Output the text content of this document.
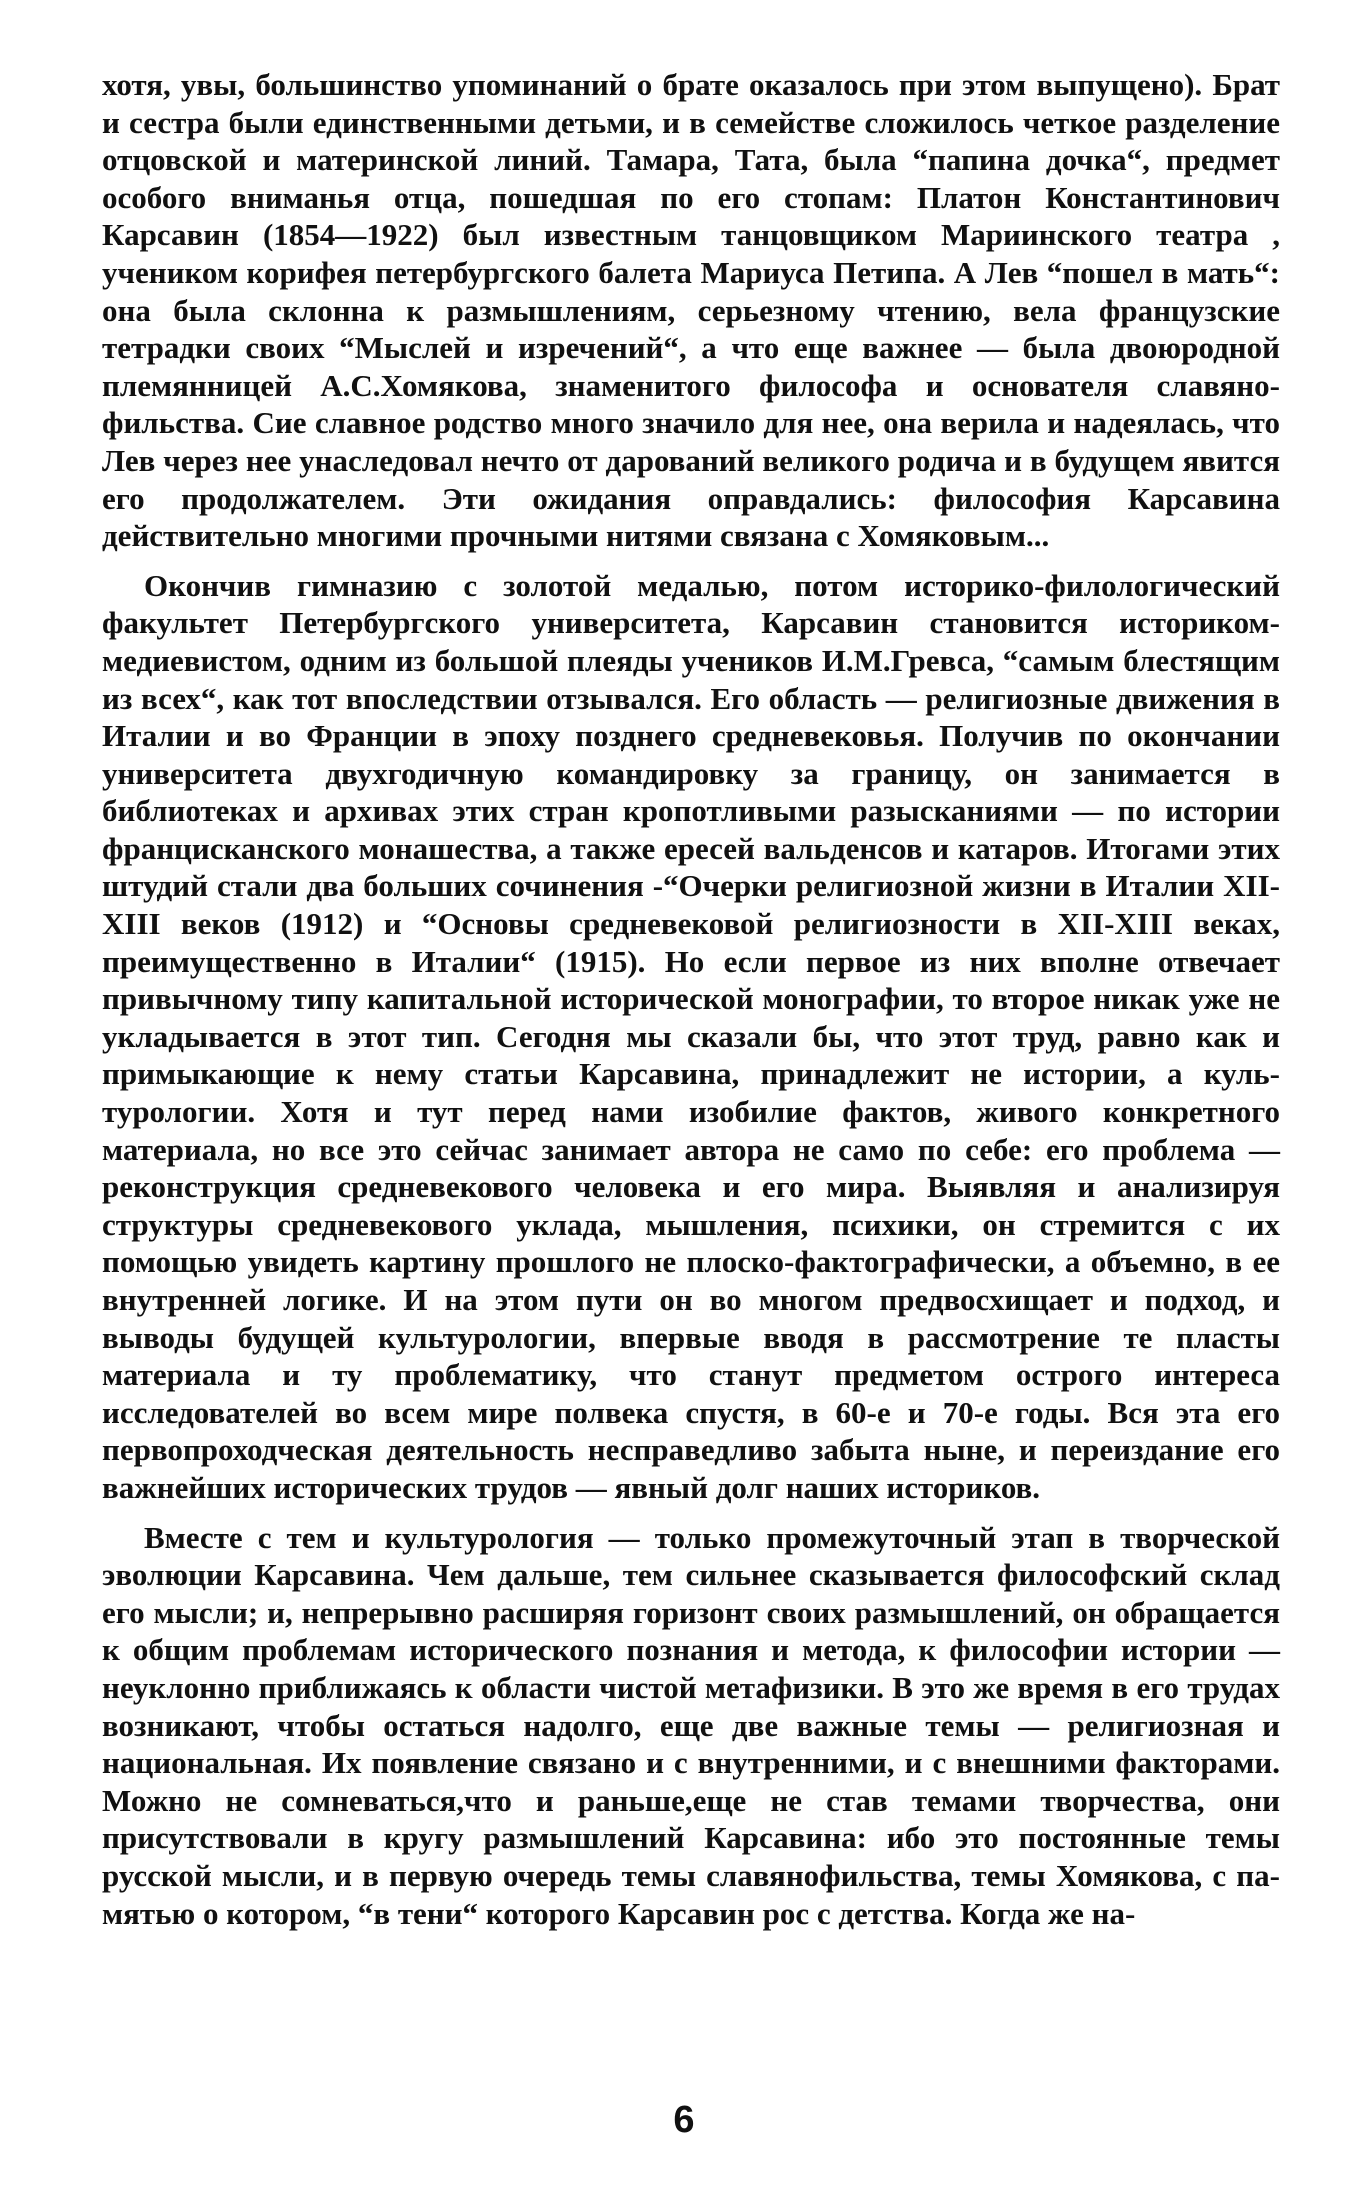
хотя, увы, большинство упоминаний о брате оказалось при этом выпущено). Брат и сестра были единственными детьми, и в семействе сложилось четкое разделение отцовской и материнской линий. Тамара, Тата, была “папина дочка“, предмет особого вниманья отца, пошедшая по его стопам: Платон Константинович Карсавин (1854—1922) был известным танцовщиком Мариинского театра , учеником корифея петербургского балета Мариуса Петипа. А Лев “пошел в мать“: она была склонна к размышлениям, серьезному чтению, вела французские тетрадки своих “Мыслей и изречений“, а что еще важнее — была двоюродной племянницей А.С.Хомякова, знаменитого философа и основателя славянофильства. Сие славное родство много значило для нее, она верила и надеялась, что Лев через нее унаследовал нечто от дарований великого родича и в будущем явится его продолжателем. Эти ожидания оправдались: философия Карсавина действительно многими прочными нитями связана с Хомяковым...

Окончив гимназию с золотой медалью, потом историко-филологический факультет Петербургского университета, Карсавин становится историком-медиевистом, одним из большой плеяды учеников И.М.Гревса, “самым блестящим из всех“, как тот впоследствии отзывался. Его область — религиозные движения в Италии и во Франции в эпоху позднего средневековья. Получив по окончании университета двухгодичную командировку за границу, он занимается в библиотеках и архивах этих стран кропотливыми разысканиями — по истории францисканского монашества, а также ересей вальденсов и катаров. Итогами этих штудий стали два больших сочинения -“Очерки религиозной жизни в Италии XII-XIII веков (1912) и “Основы средневековой религиозности в XII-XIII веках, преимущественно в Италии“ (1915). Но если первое из них вполне отвечает привычному типу капитальной исторической монографии, то второе никак уже не укладывается в этот тип. Сегодня мы сказали бы, что этот труд, равно как и примыкающие к нему статьи Карсавина, принадлежит не истории, а культурологии. Хотя и тут перед нами изобилие фактов, живого конкретного материала, но все это сейчас занимает автора не само по себе: его проблема — реконструкция средневекового человека и его мира. Выявляя и анализируя структуры средневекового уклада, мышления, психики, он стремится с их помощью увидеть картину прошлого не плоско-фактографически, а объемно, в ее внутренней логике. И на этом пути он во многом предвосхищает и подход, и выводы будущей культурологии, впервые вводя в рассмотрение те пласты материала и ту проблематику, что станут предметом острого интереса исследователей во всем мире полвека спустя, в 60-е и 70-е годы. Вся эта его первопроходческая деятельность несправедливо забыта ныне, и переиздание его важнейших исторических трудов — явный долг наших историков.

Вместе с тем и культурология — только промежуточный этап в творческой эволюции Карсавина. Чем дальше, тем сильнее сказывается философский склад его мысли; и, непрерывно расширяя горизонт своих размышлений, он обращается к общим проблемам исторического познания и метода, к философии истории — неуклонно приближаясь к области чистой метафизики. В это же время в его трудах возникают, чтобы остаться надолго, еще две важные темы — религиозная и национальная. Их появление связано и с внутренними, и с внешними факторами. Можно не сомневаться,что и раньше,еще не став темами творчества, они присутствовали в кругу размышлений Карсавина: ибо это постоянные темы русской мысли, и в первую очередь темы славянофильства, темы Хомякова, с памятью о котором, “в тени“ которого Карсавин рос с детства. Когда же на-

6
